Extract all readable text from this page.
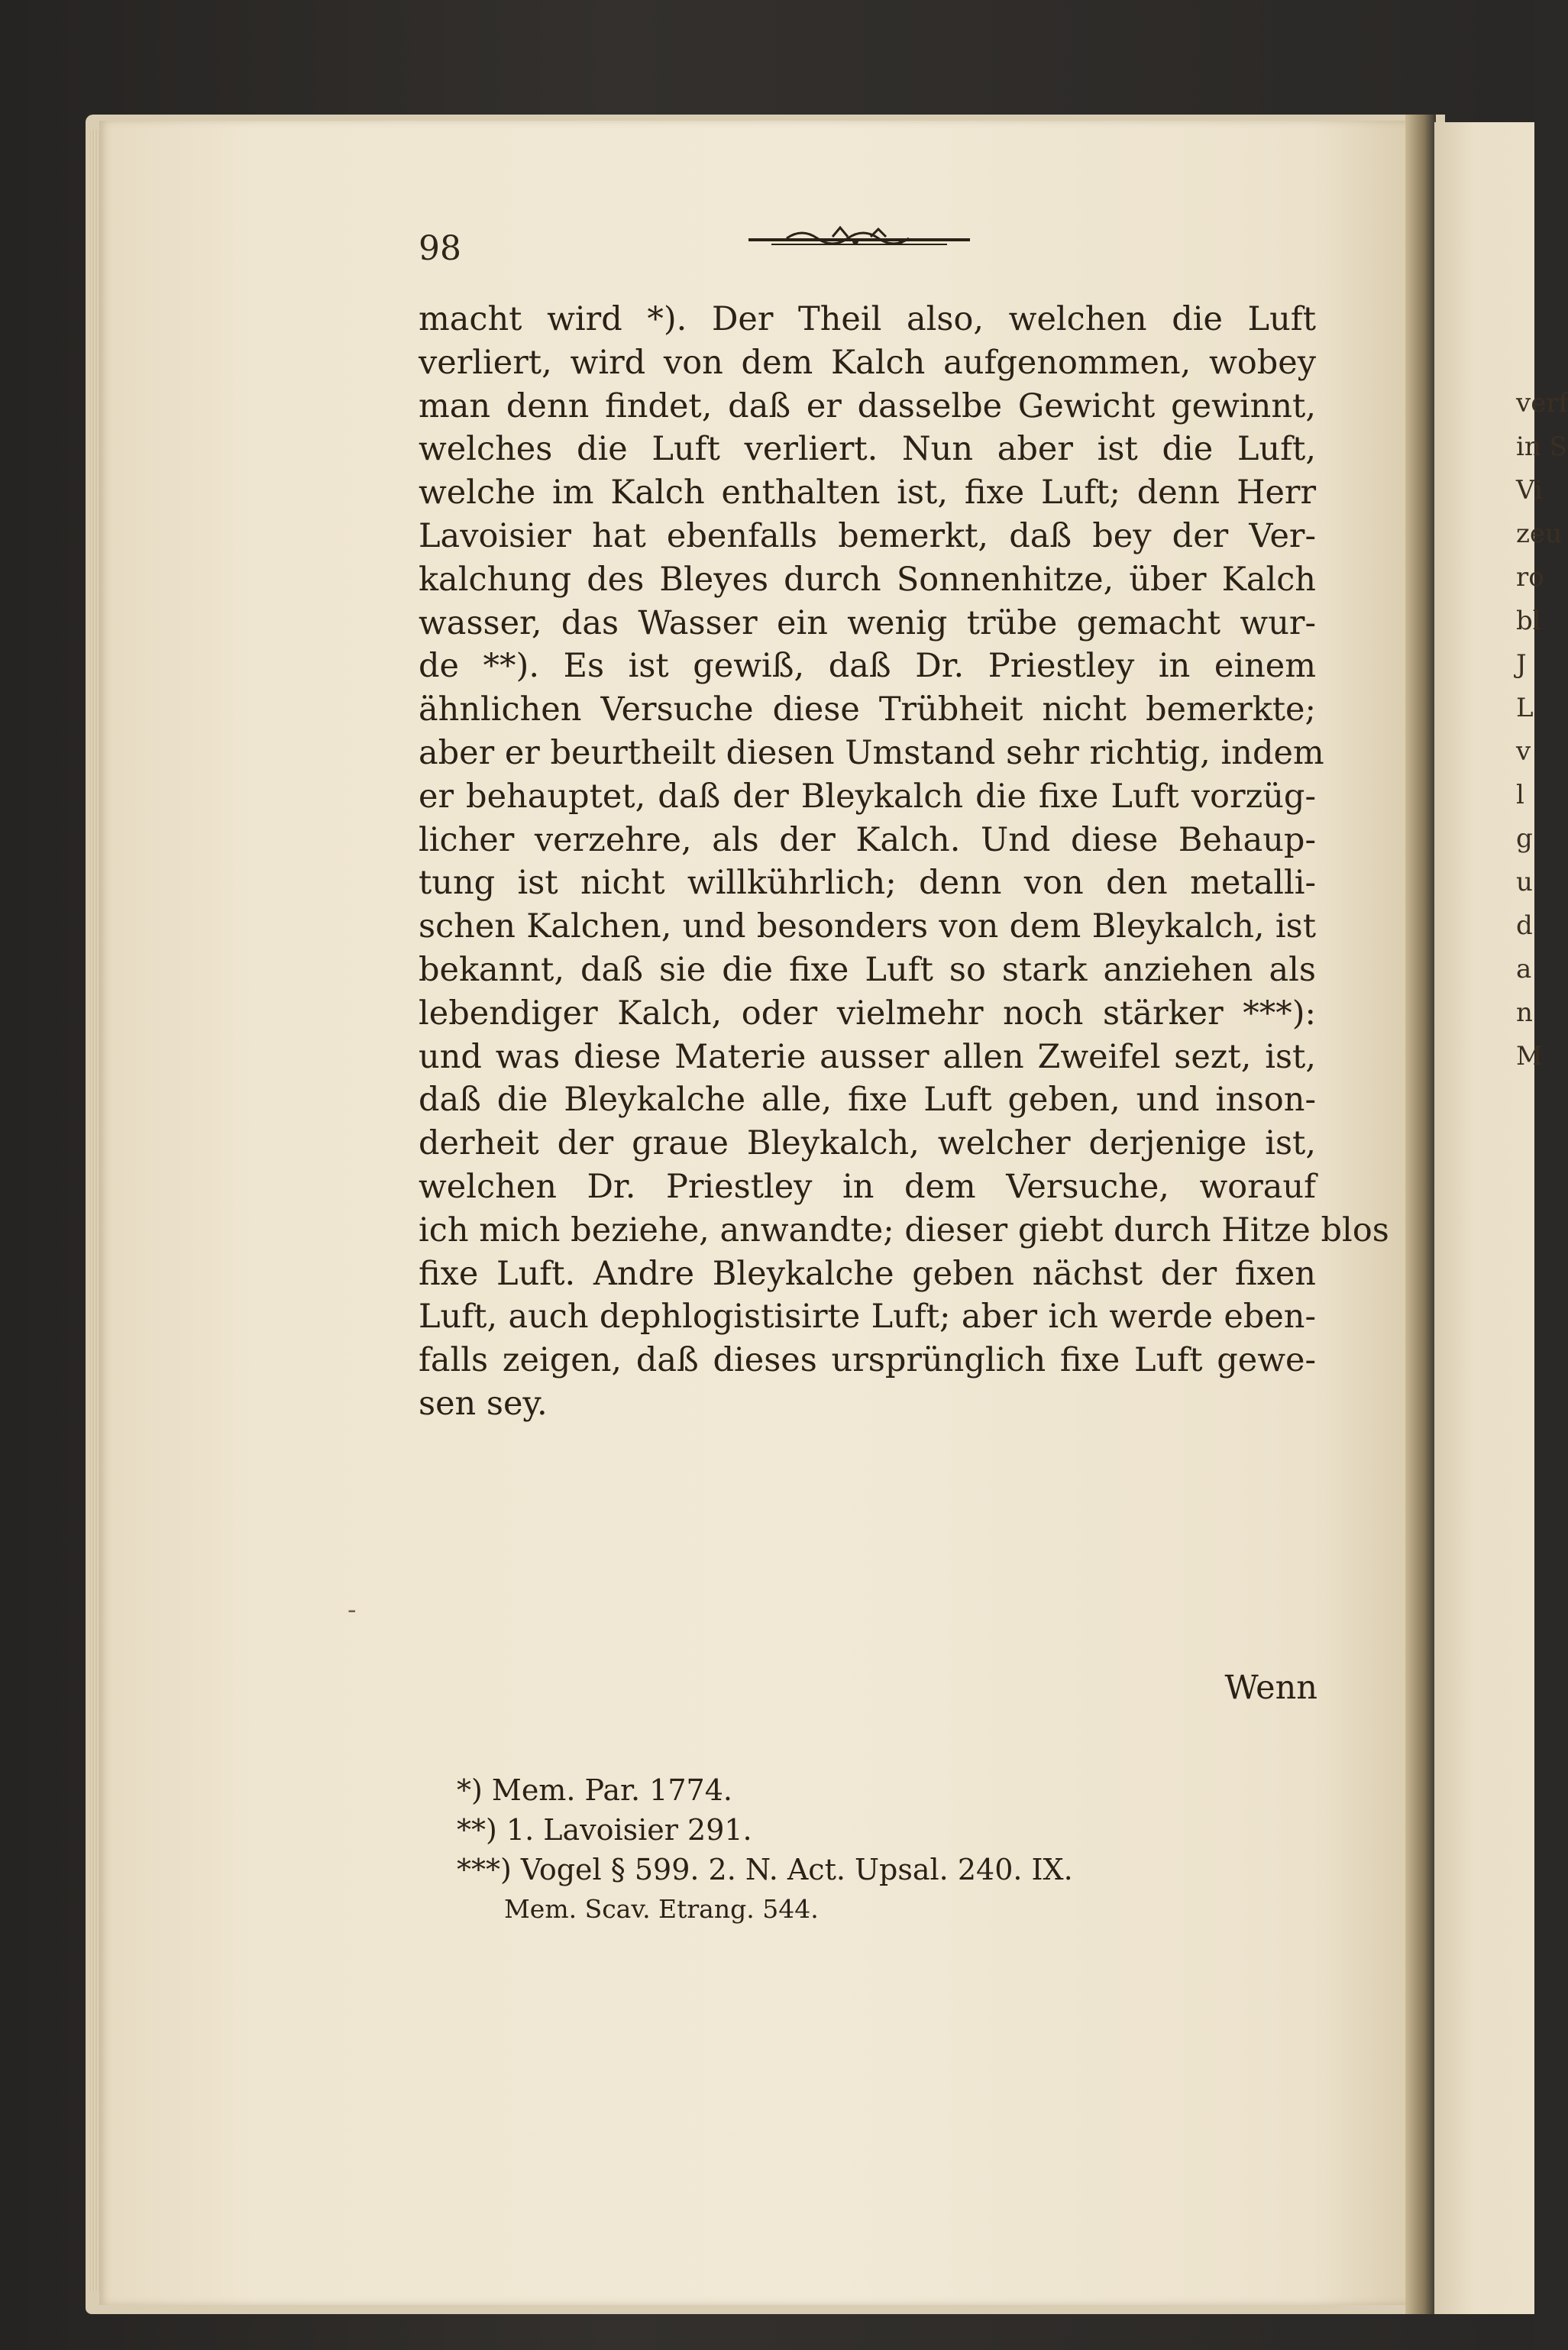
verf
in S
Vi
zeu
ro
bl
J
L
v
l
g
u
d
a
n
M
98
macht wird *). Der Theil also, welchen die Luft
verliert, wird von dem Kalch aufgenommen, wobey
man denn findet, daß er dasselbe Gewicht gewinnt,
welches die Luft verliert. Nun aber ist die Luft,
welche im Kalch enthalten ist, fixe Luft; denn Herr
Lavoisier hat ebenfalls bemerkt, daß bey der Ver-
kalchung des Bleyes durch Sonnenhitze, über Kalch
wasser, das Wasser ein wenig trübe gemacht wur-
de **). Es ist gewiß, daß Dr. Priestley in einem
ähnlichen Versuche diese Trübheit nicht bemerkte;
aber er beurtheilt diesen Umstand sehr richtig, indem
er behauptet, daß der Bleykalch die fixe Luft vorzüg-
licher verzehre, als der Kalch. Und diese Behaup-
tung ist nicht willkührlich; denn von den metalli-
schen Kalchen, und besonders von dem Bleykalch, ist
bekannt, daß sie die fixe Luft so stark anziehen als
lebendiger Kalch, oder vielmehr noch stärker ***):
und was diese Materie ausser allen Zweifel sezt, ist,
daß die Bleykalche alle, fixe Luft geben, und inson-
derheit der graue Bleykalch, welcher derjenige ist,
welchen Dr. Priestley in dem Versuche, worauf
ich mich beziehe, anwandte; dieser giebt durch Hitze blos
fixe Luft. Andre Bleykalche geben nächst der fixen
Luft, auch dephlogistisirte Luft; aber ich werde eben-
falls zeigen, daß dieses ursprünglich fixe Luft gewe-
sen sey.
Wenn
*) Mem. Par. 1774.
**) 1. Lavoisier 291.
***) Vogel § 599. 2. N. Act. Upsal. 240. IX.
Mem. Scav. Etrang. 544.
-
